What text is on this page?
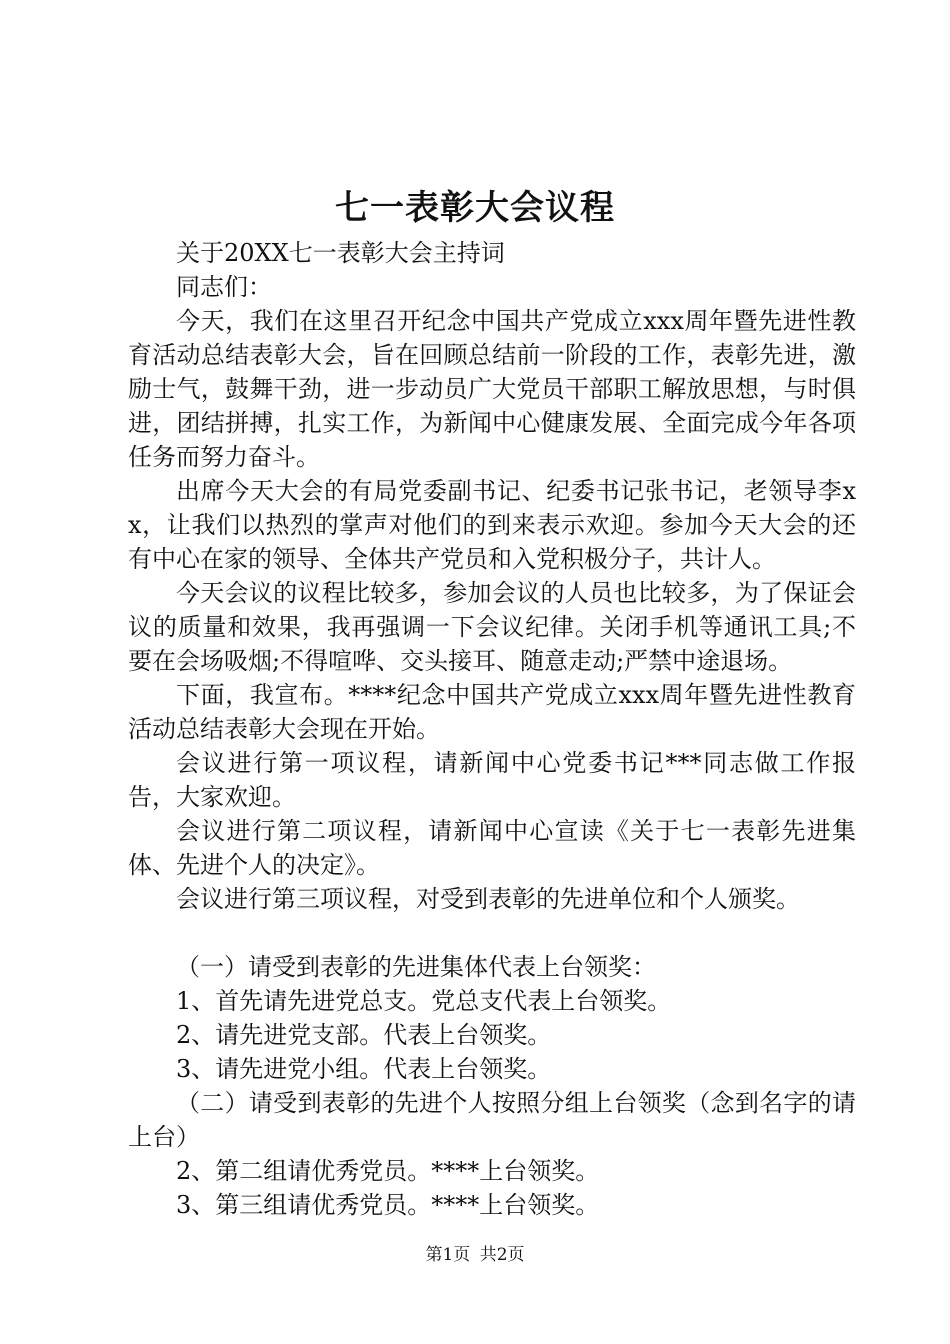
七一表彰大会议程

关于20XX七一表彰大会主持词

同志们：

今天，我们在这里召开纪念中国共产党成立xxx周年暨先进性教育活动总结表彰大会，旨在回顾总结前一阶段的工作，表彰先进，激励士气，鼓舞干劲，进一步动员广大党员干部职工解放思想，与时俱进，团结拼搏，扎实工作，为新闻中心健康发展、全面完成今年各项任务而努力奋斗。

出席今天大会的有局党委副书记、纪委书记张书记，老领导李xx，让我们以热烈的掌声对他们的到来表示欢迎。参加今天大会的还有中心在家的领导、全体共产党员和入党积极分子，共计人。

今天会议的议程比较多，参加会议的人员也比较多，为了保证会议的质量和效果，我再强调一下会议纪律。关闭手机等通讯工具;不要在会场吸烟;不得喧哗、交头接耳、随意走动;严禁中途退场。

下面，我宣布。****纪念中国共产党成立xxx周年暨先进性教育活动总结表彰大会现在开始。

会议进行第一项议程，请新闻中心党委书记***同志做工作报告，大家欢迎。

会议进行第二项议程，请新闻中心宣读《关于七一表彰先进集体、先进个人的决定》。

会议进行第三项议程，对受到表彰的先进单位和个人颁奖。

（一）请受到表彰的先进集体代表上台领奖：

1、首先请先进党总支。党总支代表上台领奖。

2、请先进党支部。代表上台领奖。

3、请先进党小组。代表上台领奖。

（二）请受到表彰的先进个人按照分组上台领奖（念到名字的请上台）

2、第二组请优秀党员。****上台领奖。

3、第三组请优秀党员。****上台领奖。

第1页 共2页
